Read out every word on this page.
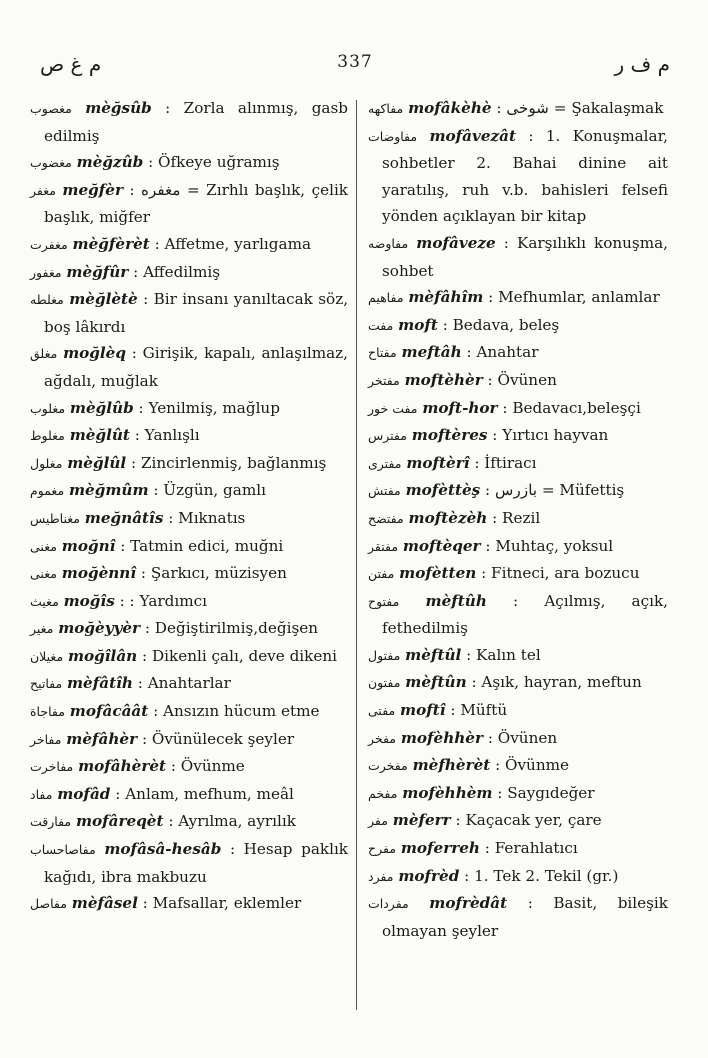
م غ ص	337	م ف ر
مغصوب mèğsûb : Zorla alınmış, gasb edilmiş
مغضوب mèğzûb : Öfkeye uğramış
مغفر meğfèr : مغفره = Zırhlı başlık, çelik başlık, miğfer
مغفرت mèğfèrèt : Affetme, yarlıgama
مغفور mèğfûr : Affedilmiş
مغلطه mèğlètè : Bir insanı yanıltacak söz, boş lâkırdı
مغلق moğlèq : Girişik, kapalı, anlaşılmaz, ağdalı, muğlak
مغلوب mèğlûb : Yenilmiş, mağlup
مغلوط mèğlût : Yanlışlı
مغلول mèğlûl : Zincirlenmiş, bağlanmış
مغموم mèğmûm : Üzgün, gamlı
مغناطيس meğnâtîs : Mıknatıs
مغنى moğnî : Tatmin edici, muğni
مغنى moğènnî : Şarkıcı, müzisyen
مغيث moğîs : : Yardımcı
مغير moğèyyèr : Değiştirilmiş,değişen
مغيلان moğîlân : Dikenli çalı, deve dikeni
مفاتيح mèfâtîh : Anahtarlar
مفاجاة mofâcâât : Ansızın hücum etme
مفاخر mèfâhèr : Övünülecek şeyler
مفاخرت mofâhèrèt : Övünme
مفاد mofâd : Anlam, mefhum, meâl
مفارقت mofâreqèt : Ayrılma, ayrılık
مفاصاحساب mofâsâ-hesâb : Hesap paklık kağıdı, ibra makbuzu
مفاصل mèfâsel : Mafsallar, eklemler
مفاكهه mofâkèhè : شوخى = Şakalaşmak
مفاوضات mofâvezât : 1. Konuşmalar, sohbetler 2. Bahai dinine ait yaratılış, ruh v.b. bahisleri felsefi yönden açıklayan bir kitap
مفاوضه mofâveze : Karşılıklı konuşma, sohbet
مفاهيم mèfâhîm : Mefhumlar, anlamlar
مفت moft : Bedava, beleş
مفتاح meftâh : Anahtar
مفتخر moftèhèr : Övünen
مفت خور moft-hor : Bedavacı,beleşçi
مفترس moftères : Yırtıcı hayvan
مفترى moftèrî : İftiracı
مفتش mofèttèş : بازرس = Müfettiş
مفتضح moftèzèh : Rezil
مفتقر moftèqer : Muhtaç, yoksul
مفتن mofètten : Fitneci, ara bozucu
مفتوح mèftûh : Açılmış, açık, fethedilmiş
مفتول mèftûl : Kalın tel
مفتون mèftûn : Aşık, hayran, meftun
مفتى moftî : Müftü
مفخر mofèhhèr : Övünen
مفخرت mèfhèrèt : Övünme
مفخم mofèhhèm : Saygıdeğer
مفر mèferr : Kaçacak yer, çare
مفرح moferreh : Ferahlatıcı
مفرد mofrèd : 1. Tek 2. Tekil (gr.)
مفردات mofrèdât : Basit, bileşik olmayan şeyler
